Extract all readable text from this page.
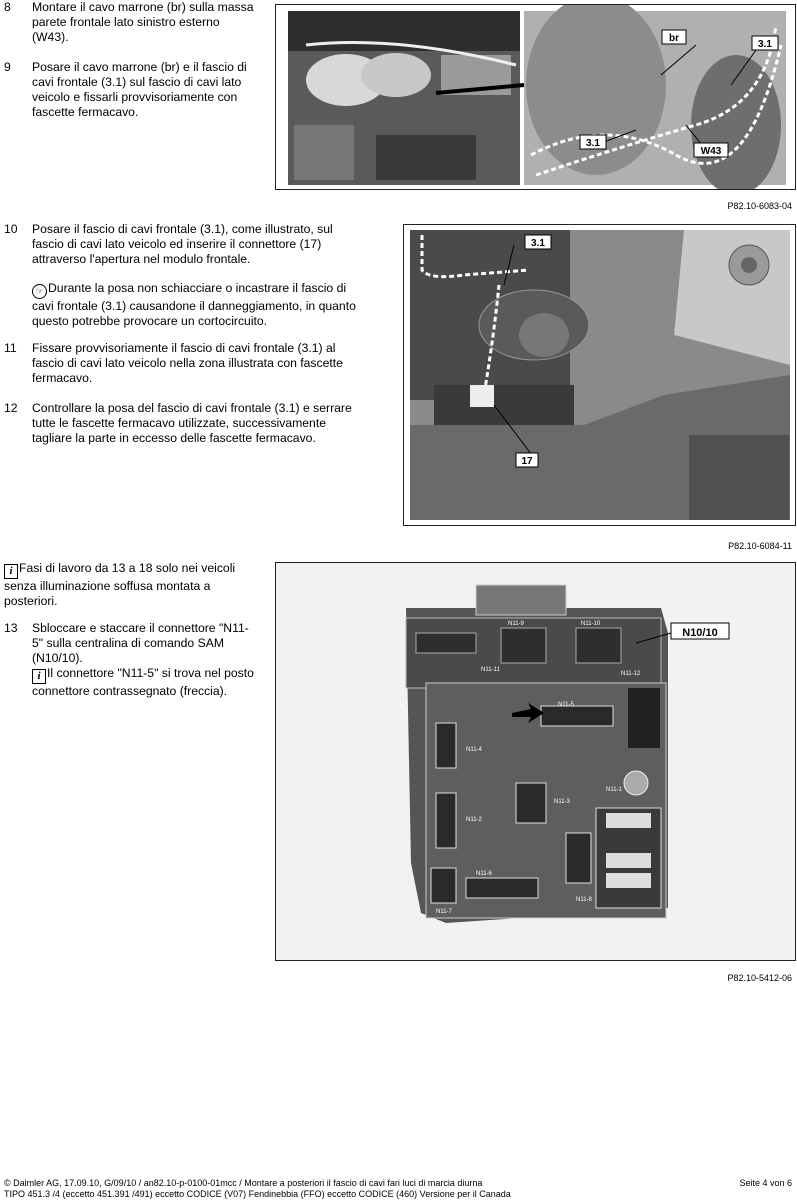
8	Montare il cavo marrone (br) sulla massa parete frontale lato sinistro esterno (W43).
9	Posare il cavo marrone (br) e il fascio di cavi frontale (3.1) sul fascio di cavi lato veicolo e fissarli provvisoriamente con fascette fermacavo.
br
3.1
3.1
W43
P82.10-6083-04
10	Posare il fascio di cavi frontale (3.1), come illustrato, sul fascio di cavi lato veicolo ed inserire il connettore (17) attraverso l'apertura nel modulo frontale.
☞ Durante la posa non schiacciare o incastrare il fascio di cavi frontale (3.1) causandone il danneggiamento, in quanto questo potrebbe provocare un cortocircuito.
11	Fissare provvisoriamente il fascio di cavi frontale (3.1) al fascio di cavi lato veicolo nella zona illustrata con fascette fermacavo.
12	Controllare la posa del fascio di cavi frontale (3.1) e serrare tutte le fascette fermacavo utilizzate, successivamente tagliare la parte in eccesso delle fascette fermacavo.
3.1
17
P82.10-6084-11
i Fasi di lavoro da 13 a 18 solo nei veicoli senza illuminazione soffusa montata a posteriori.
13	Sbloccare e staccare il connettore "N11-5" sulla centralina di comando SAM (N10/10).
i Il connettore "N11-5" si trova nel posto connettore contrassegnato (freccia).
N10/10
N11-5
N11-4
N11-2
N11-3
N11-1
N11-6
N11-7
N11-8
N11-9	N11-10
N11-11
N11-12
P82.10-5412-06
© Daimler AG, 17.09.10, G/09/10 / an82.10-p-0100-01mcc / Montare a posteriori il fascio di cavi fari luci di marcia diurna	Seite 4 von 6
TIPO 451.3 /4 (eccetto 451.391 /491) eccetto CODICE (V07) Fendinebbia (FFO) eccetto CODICE (460) Versione per il Canada
